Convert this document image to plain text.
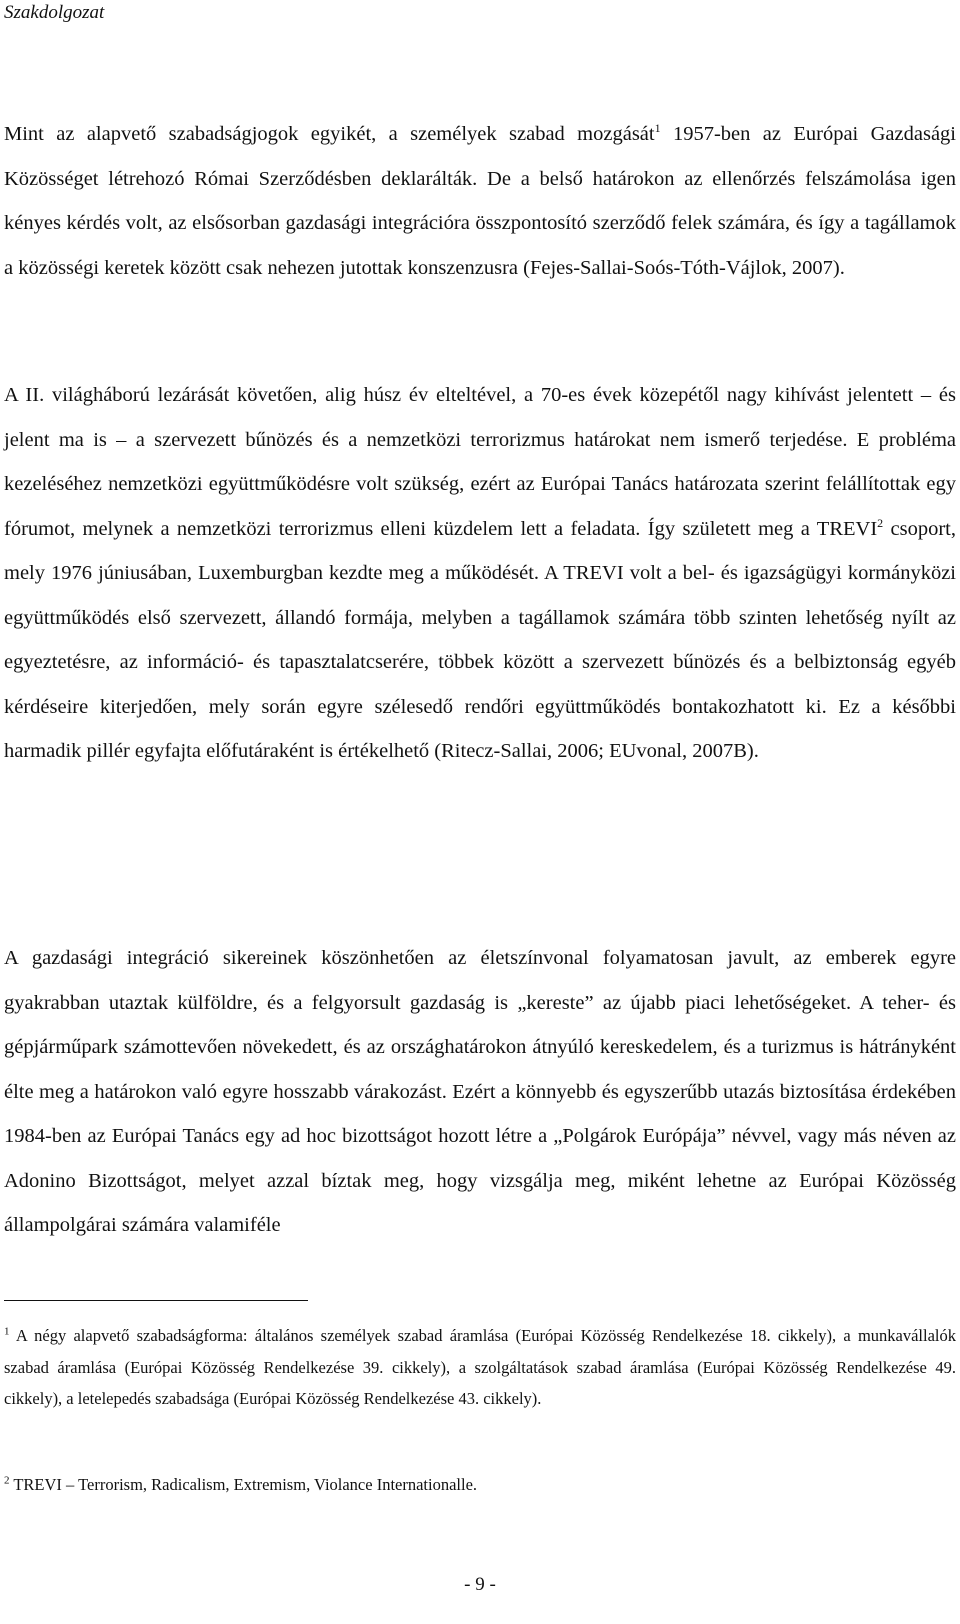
Szakdolgozat

Mint az alapvető szabadságjogok egyikét, a személyek szabad mozgását$^1$ 1957-ben az Európai Gazdasági Közösséget létrehozó Római Szerződésben deklarálták. De a belső határokon az ellenőrzés felszámolása igen kényes kérdés volt, az elsősorban gazdasági integrációra összpontosító szerződő felek számára, és így a tagállamok a közösségi keretek között csak nehezen jutottak konszenzusra (Fejes-Sallai-Soós-Tóth-Vájlok, 2007).

A II. világháború lezárását követően, alig húsz év elteltével, a 70-es évek közepétől nagy kihívást jelentett – és jelent ma is – a szervezett bűnözés és a nemzetközi terrorizmus határokat nem ismerő terjedése. E probléma kezeléséhez nemzetközi együttműködésre volt szükség, ezért az Európai Tanács határozata szerint felállítottak egy fórumot, melynek a nemzetközi terrorizmus elleni küzdelem lett a feladata. Így született meg a TREVI$^2$ csoport, mely 1976 júniusában, Luxemburgban kezdte meg a működését. A TREVI volt a bel- és igazságügyi kormányközi együttműködés első szervezett, állandó formája, melyben a tagállamok számára több szinten lehetőség nyílt az egyeztetésre, az információ- és tapasztalatcserére, többek között a szervezett bűnözés és a belbiztonság egyéb kérdéseire kiterjedően, mely során egyre szélesedő rendőri együttműködés bontakozhatott ki. Ez a későbbi harmadik pillér egyfajta előfutáraként is értékelhető (Ritecz-Sallai, 2006; EUvonal, 2007B).

A gazdasági integráció sikereinek köszönhetően az életszínvonal folyamatosan javult, az emberek egyre gyakrabban utaztak külföldre, és a felgyorsult gazdaság is „kereste” az újabb piaci lehetőségeket. A teher- és gépjárműpark számottevően növekedett, és az országhatárokon átnyúló kereskedelem, és a turizmus is hátrányként élte meg a határokon való egyre hosszabb várakozást. Ezért a könnyebb és egyszerűbb utazás biztosítása érdekében 1984-ben az Európai Tanács egy ad hoc bizottságot hozott létre a „Polgárok Európája” névvel, vagy más néven az Adonino Bizottságot, melyet azzal bíztak meg, hogy vizsgálja meg, miként lehetne az Európai Közösség állampolgárai számára valamiféle

$^1$ A négy alapvető szabadságforma: általános személyek szabad áramlása (Európai Közösség Rendelkezése 18. cikkely), a munkavállalók szabad áramlása (Európai Közösség Rendelkezése 39. cikkely), a szolgáltatások szabad áramlása (Európai Közösség Rendelkezése 49. cikkely), a letelepedés szabadsága (Európai Közösség Rendelkezése 43. cikkely).

$^2$ TREVI – Terrorism, Radicalism, Extremism, Violance Internationalle.

- 9 -
